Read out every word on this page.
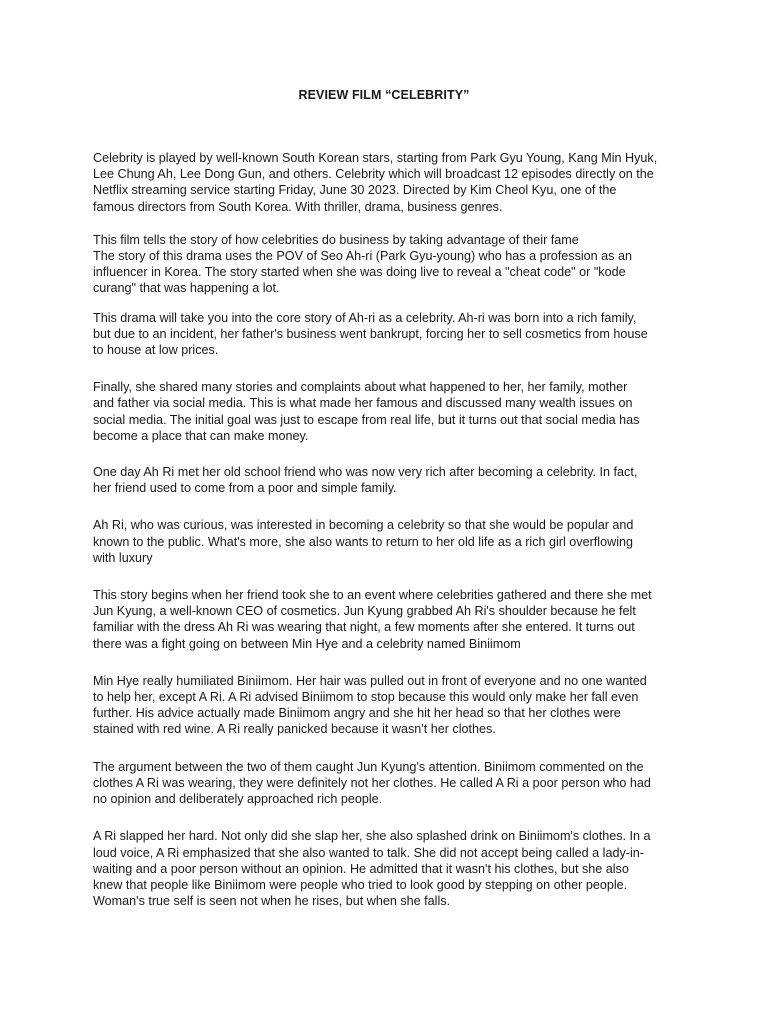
REVIEW FILM “CELEBRITY”
Celebrity is played by well-known South Korean stars, starting from Park Gyu Young, Kang Min Hyuk,
Lee Chung Ah, Lee Dong Gun, and others. Celebrity which will broadcast 12 episodes directly on the
Netflix streaming service starting Friday, June 30 2023. Directed by Kim Cheol Kyu, one of the
famous directors from South Korea. With thriller, drama, business genres.
This film tells the story of how celebrities do business by taking advantage of their fame
The story of this drama uses the POV of Seo Ah-ri (Park Gyu-young) who has a profession as an
influencer in Korea. The story started when she was doing live to reveal a "cheat code" or "kode
curang" that was happening a lot.
This drama will take you into the core story of Ah-ri as a celebrity. Ah-ri was born into a rich family,
but due to an incident, her father's business went bankrupt, forcing her to sell cosmetics from house
to house at low prices.
Finally, she shared many stories and complaints about what happened to her, her family, mother
and father via social media. This is what made her famous and discussed many wealth issues on
social media. The initial goal was just to escape from real life, but it turns out that social media has
become a place that can make money.
One day Ah Ri met her old school friend who was now very rich after becoming a celebrity. In fact,
her friend used to come from a poor and simple family.
Ah Ri, who was curious, was interested in becoming a celebrity so that she would be popular and
known to the public. What's more, she also wants to return to her old life as a rich girl overflowing
with luxury
This story begins when her friend took she to an event where celebrities gathered and there she met
Jun Kyung, a well-known CEO of cosmetics. Jun Kyung grabbed Ah Ri's shoulder because he felt
familiar with the dress Ah Ri was wearing that night, a few moments after she entered. It turns out
there was a fight going on between Min Hye and a celebrity named Biniimom
Min Hye really humiliated Biniimom. Her hair was pulled out in front of everyone and no one wanted
to help her, except A Ri. A Ri advised Biniimom to stop because this would only make her fall even
further. His advice actually made Biniimom angry and she hit her head so that her clothes were
stained with red wine. A Ri really panicked because it wasn't her clothes.
The argument between the two of them caught Jun Kyung's attention. Biniimom commented on the
clothes A Ri was wearing, they were definitely not her clothes. He called A Ri a poor person who had
no opinion and deliberately approached rich people.
A Ri slapped her hard. Not only did she slap her, she also splashed drink on Biniimom's clothes. In a
loud voice, A Ri emphasized that she also wanted to talk. She did not accept being called a lady-in-
waiting and a poor person without an opinion. He admitted that it wasn't his clothes, but she also
knew that people like Biniimom were people who tried to look good by stepping on other people.
Woman's true self is seen not when he rises, but when she falls.
